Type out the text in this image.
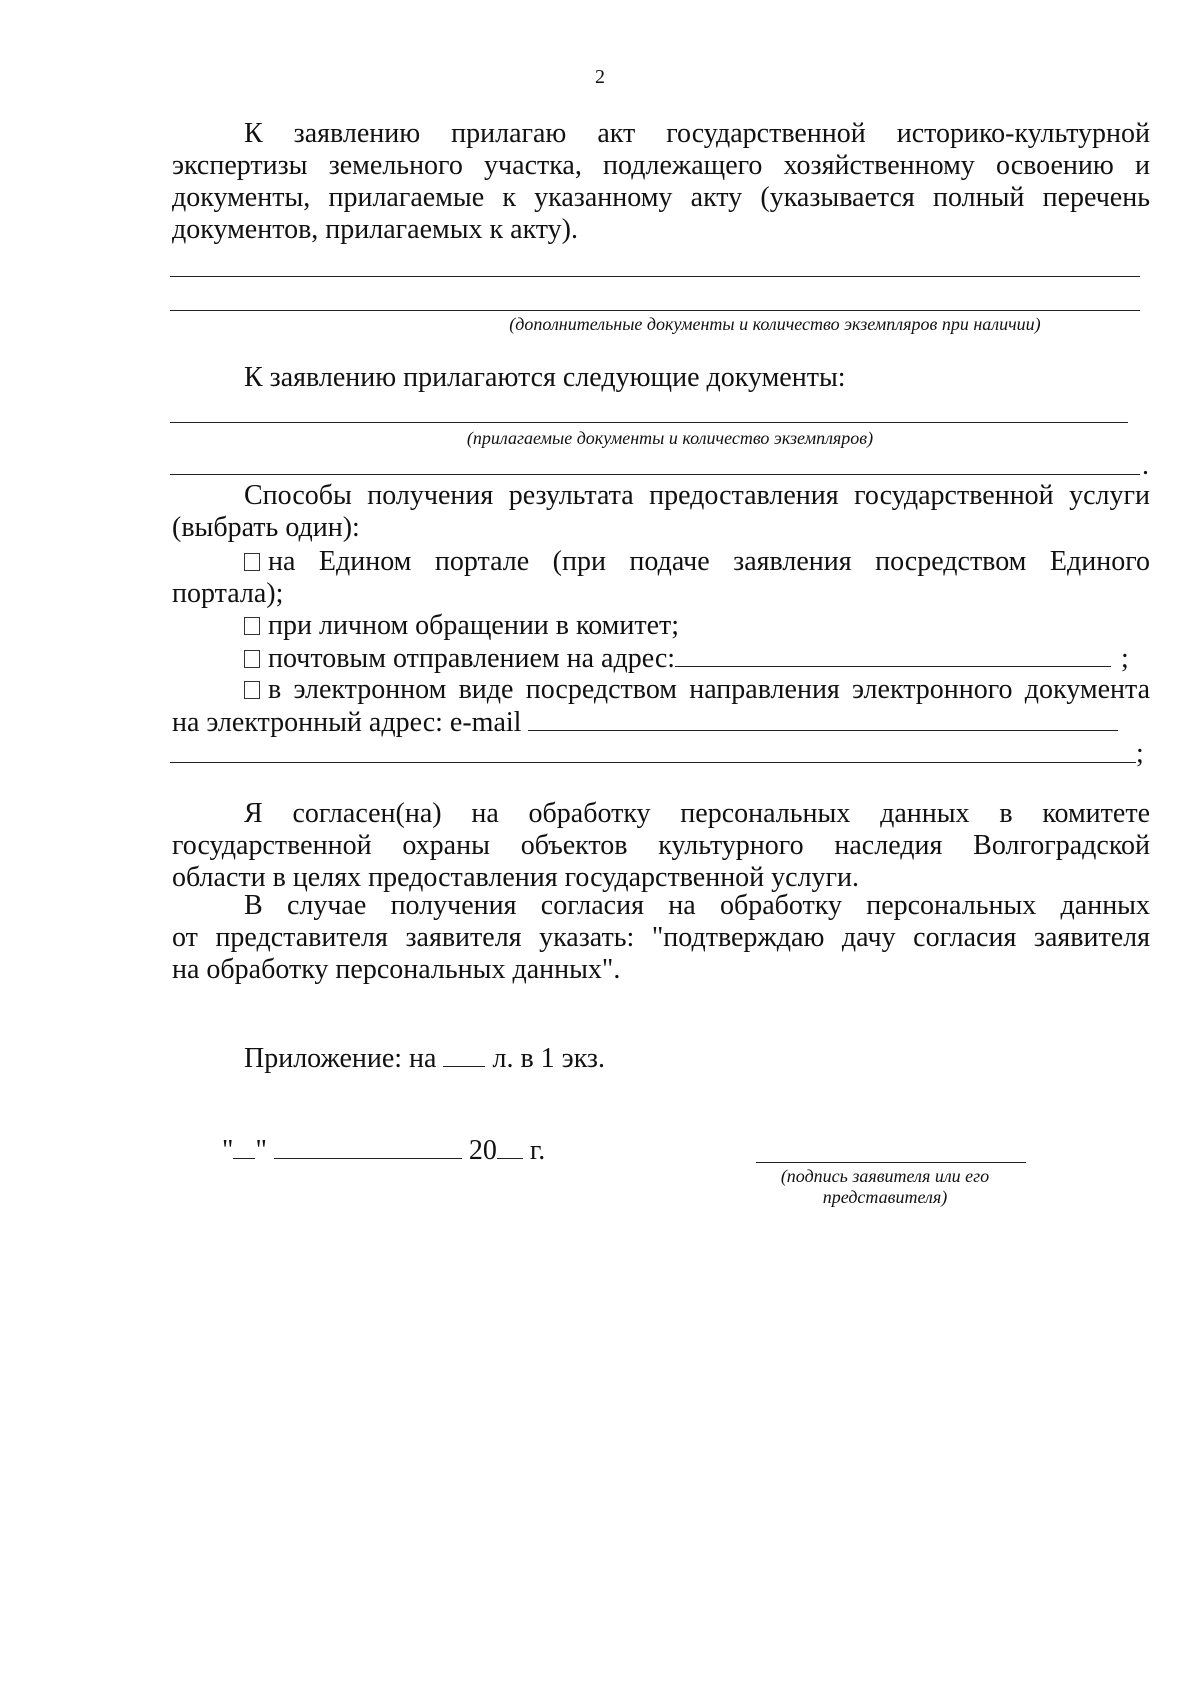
2
К заявлению прилагаю акт государственной историко-культурной
экспертизы земельного участка, подлежащего хозяйственному освоению и
документы, прилагаемые к указанному акту (указывается полный перечень
документов, прилагаемых к акту).
(дополнительные документы и количество экземпляров при наличии)
К заявлению прилагаются следующие документы:
(прилагаемые документы и количество экземпляров)
.
Способы получения результата предоставления государственной услуги
(выбрать один):
на Едином портале (при подаче заявления посредством Единого
портала);
при личном обращении в комитет;
почтовым отправлением на адрес:	;
в электронном виде посредством направления электронного документа
на электронный адрес: e-mail
;
Я согласен(на) на обработку персональных данных в комитете
государственной охраны объектов культурного наследия Волгоградской
области в целях предоставления государственной услуги.
В случае получения согласия на обработку персональных данных
от представителя заявителя указать: "подтверждаю дачу согласия заявителя
на обработку персональных данных".
Приложение: на л. в 1 экз.
" "	20 г.
(подпись заявителя или его
представителя)
